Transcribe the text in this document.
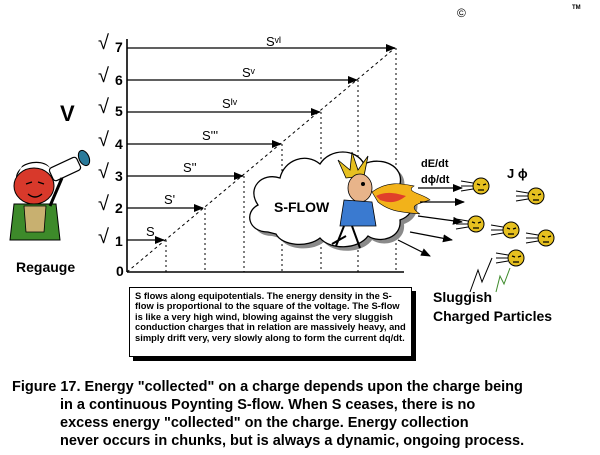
©	TM
V
0
√ 1
√ 2
√ 3
√ 4
√ 5
√ 6
√ 7
S
S'
S''
S'''
Sᴵᵛ
Sᵛ
Sᵛᴵ
S-FLOW
dE/dt
dϕ/dt	J ϕ
Sluggish
Charged Particles
Regauge
S flows along equipotentials. The energy density in the S-flow is proportional to the square of the voltage. The S-flow is like a very high wind, blowing against the very sluggish conduction charges that in relation are massively heavy, and simply drift very, very slowly along to form the current dq/dt.
Figure 17. Energy "collected" on a charge depends upon the charge being
in a continuous Poynting S-flow. When S ceases, there is no
excess energy "collected" on the charge. Energy collection
never occurs in chunks, but is always a dynamic, ongoing process.
